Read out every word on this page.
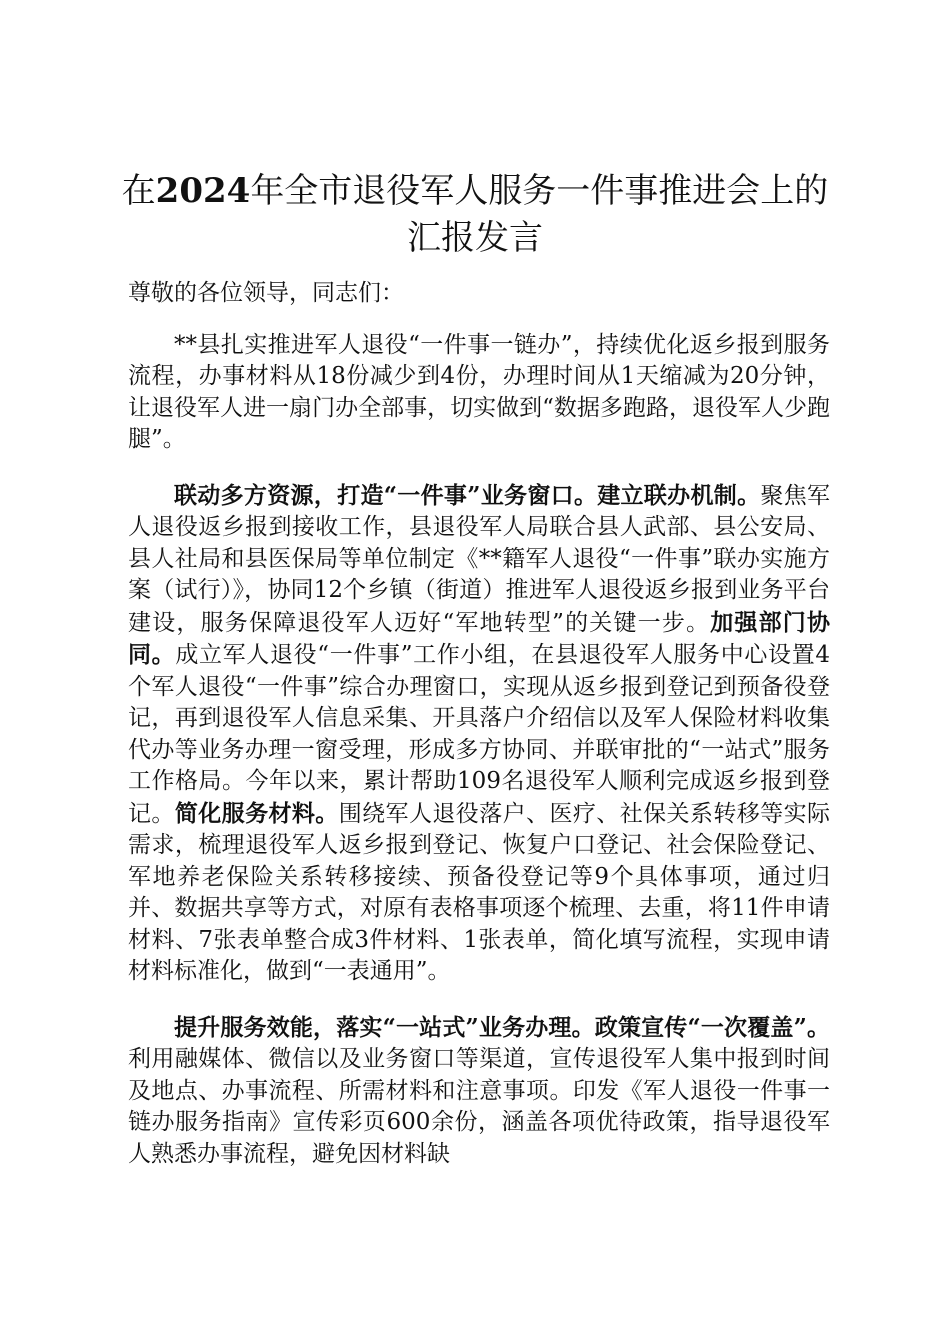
在2024年全市退役军人服务一件事推进会上的汇报发言

尊敬的各位领导，同志们：

**县扎实推进军人退役“一件事一链办”，持续优化返乡报到服务流程，办事材料从18份减少到4份，办理时间从1天缩减为20分钟，让退役军人进一扇门办全部事，切实做到“数据多跑路，退役军人少跑腿”。

联动多方资源，打造“一件事”业务窗口。建立联办机制。聚焦军人退役返乡报到接收工作，县退役军人局联合县人武部、县公安局、县人社局和县医保局等单位制定《**籍军人退役“一件事”联办实施方案（试行）》，协同12个乡镇（街道）推进军人退役返乡报到业务平台建设，服务保障退役军人迈好“军地转型”的关键一步。加强部门协同。成立军人退役“一件事”工作小组，在县退役军人服务中心设置4个军人退役“一件事”综合办理窗口，实现从返乡报到登记到预备役登记，再到退役军人信息采集、开具落户介绍信以及军人保险材料收集代办等业务办理一窗受理，形成多方协同、并联审批的“一站式”服务工作格局。今年以来，累计帮助109名退役军人顺利完成返乡报到登记。简化服务材料。围绕军人退役落户、医疗、社保关系转移等实际需求，梳理退役军人返乡报到登记、恢复户口登记、社会保险登记、军地养老保险关系转移接续、预备役登记等9个具体事项，通过归并、数据共享等方式，对原有表格事项逐个梳理、去重，将11件申请材料、7张表单整合成3件材料、1张表单，简化填写流程，实现申请材料标准化，做到“一表通用”。

提升服务效能，落实“一站式”业务办理。政策宣传“一次覆盖”。利用融媒体、微信以及业务窗口等渠道，宣传退役军人集中报到时间及地点、办事流程、所需材料和注意事项。印发《军人退役一件事一链办服务指南》宣传彩页600余份，涵盖各项优待政策，指导退役军人熟悉办事流程，避免因材料缺
